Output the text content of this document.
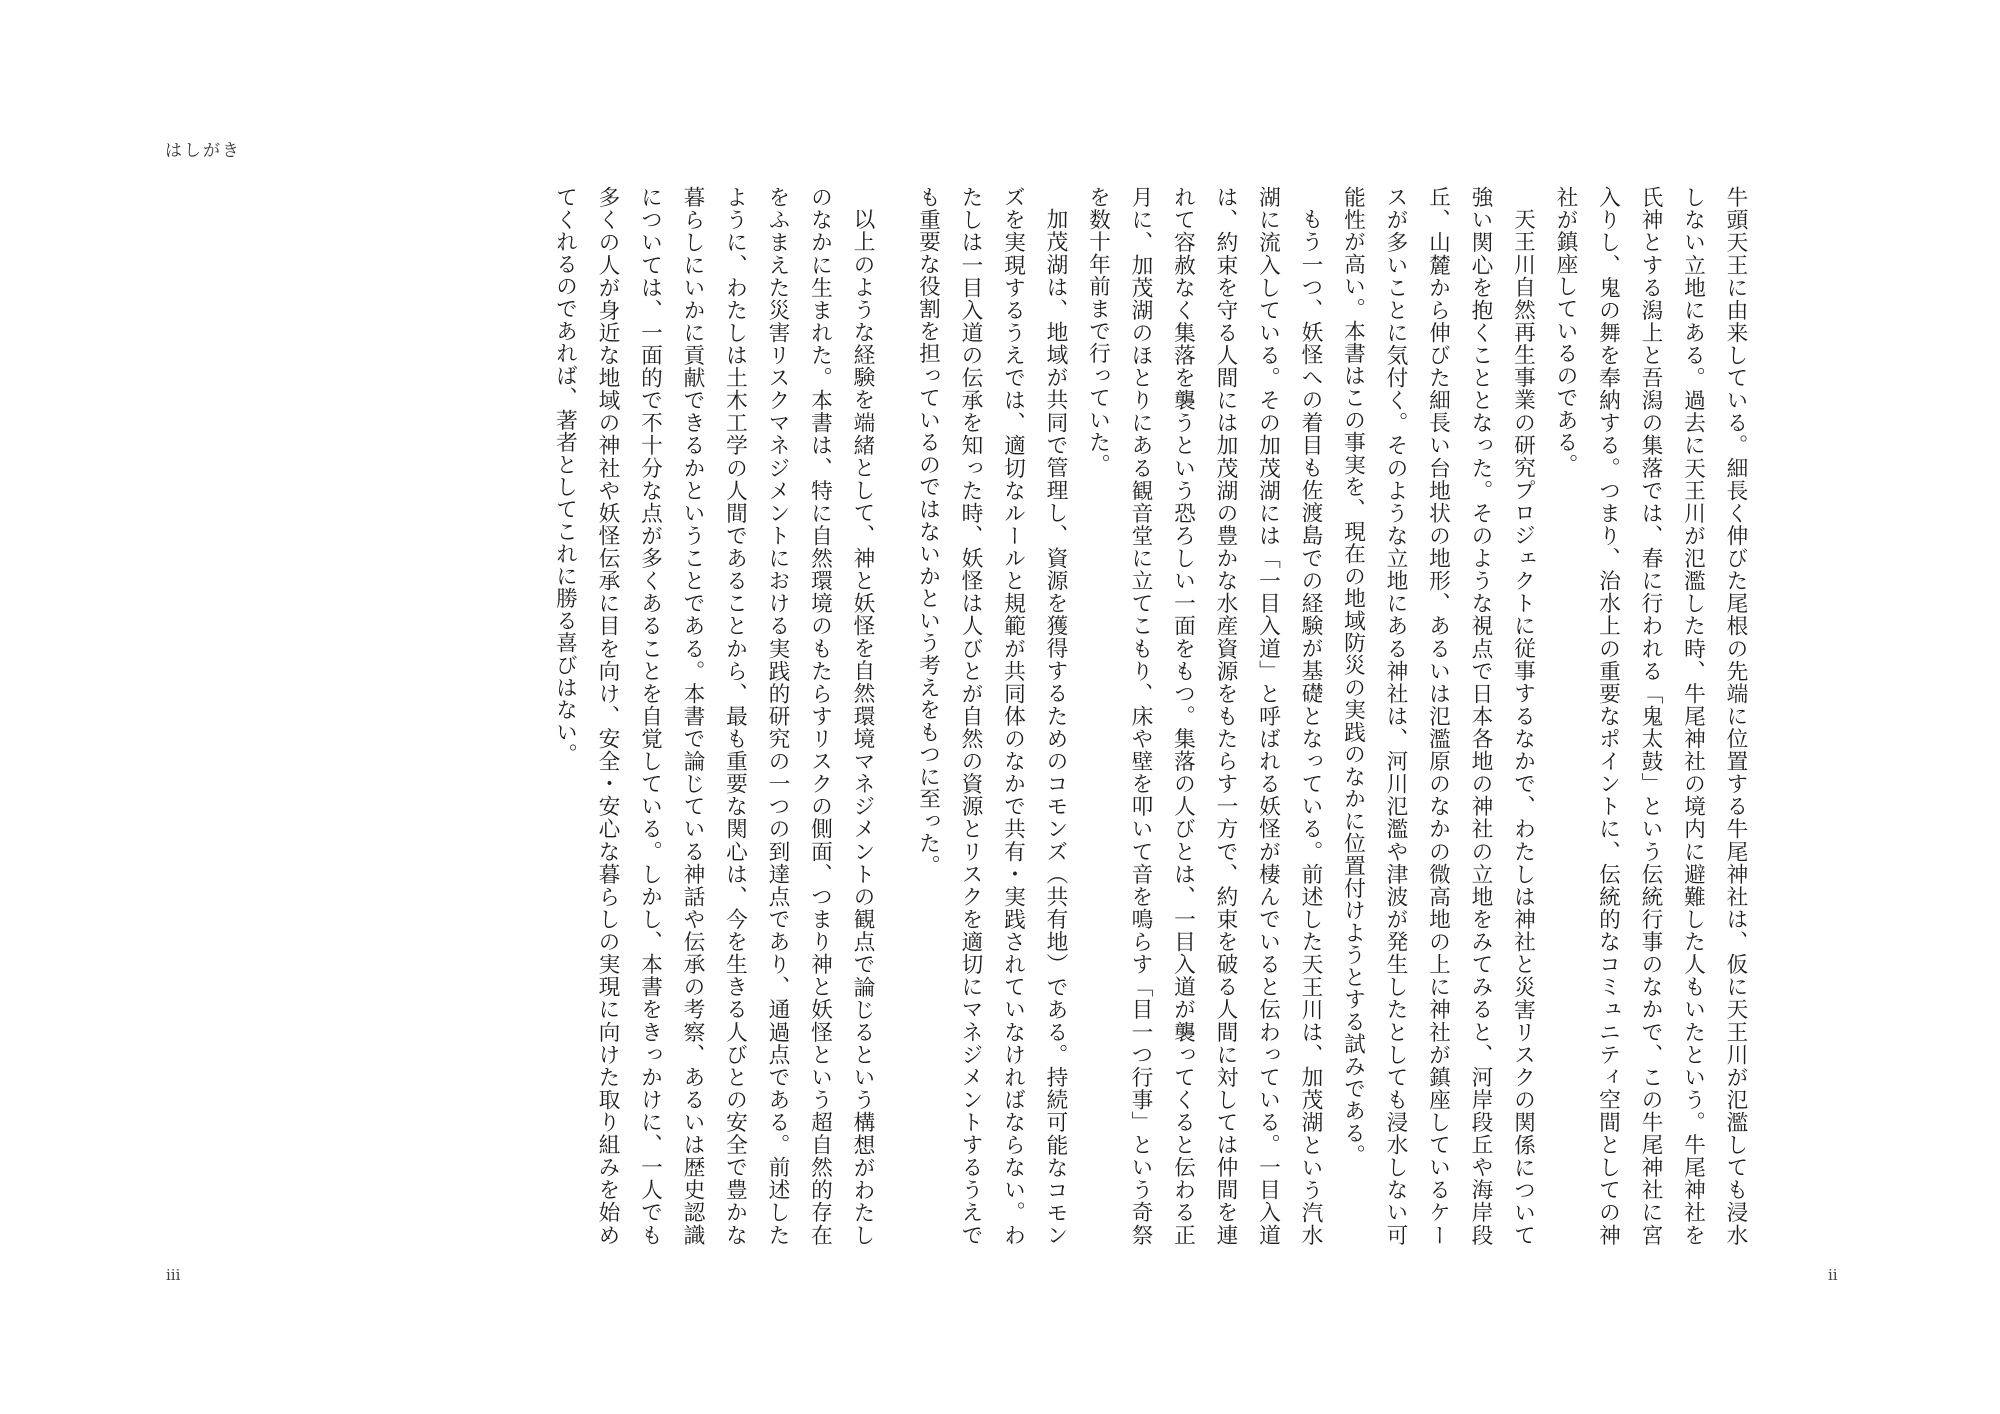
はしがき

牛頭天王に由来している。細長く伸びた尾根の先端に位置する牛尾神社は、仮に天王川が氾濫しても浸水しない立地にある。過去に天王川が氾濫した時、牛尾神社の境内に避難した人もいたという。牛尾神社を氏神とする潟上と吾潟の集落では、春に行われる「鬼太鼓」という伝統行事のなかで、この牛尾神社に宮入りし、鬼の舞を奉納する。つまり、治水上の重要なポイントに、伝統的なコミュニティ空間としての神社が鎮座しているのである。

天王川自然再生事業の研究プロジェクトに従事するなかで、わたしは神社と災害リスクの関係について強い関心を抱くこととなった。そのような視点で日本各地の神社の立地をみてみると、河岸段丘や海岸段丘、山麓から伸びた細長い台地状の地形、あるいは氾濫原のなかの微高地の上に神社が鎮座しているケースが多いことに気付く。そのような立地にある神社は、河川氾濫や津波が発生したとしても浸水しない可能性が高い。本書はこの事実を、現在の地域防災の実践のなかに位置付けようとする試みである。

もう一つ、妖怪への着目も佐渡島での経験が基礎となっている。前述した天王川は、加茂湖という汽水湖に流入している。その加茂湖には「一目入道」と呼ばれる妖怪が棲んでいると伝わっている。一目入道は、約束を守る人間には加茂湖の豊かな水産資源をもたらす一方で、約束を破る人間に対しては仲間を連れて容赦なく集落を襲うという恐ろしい一面をもつ。集落の人びとは、一目入道が襲ってくると伝わる正月に、加茂湖のほとりにある観音堂に立てこもり、床や壁を叩いて音を鳴らす「目一つ行事」という奇祭を数十年前まで行っていた。

加茂湖は、地域が共同で管理し、資源を獲得するためのコモンズ（共有地）である。持続可能なコモンズを実現するうえでは、適切なルールと規範が共同体のなかで共有・実践されていなければならない。わたしは一目入道の伝承を知った時、妖怪は人びとが自然の資源とリスクを適切にマネジメントするうえでも重要な役割を担っているのではないかという考えをもつに至った。

以上のような経験を端緒として、神と妖怪を自然環境マネジメントの観点で論じるという構想がわたしのなかに生まれた。本書は、特に自然環境のもたらすリスクの側面、つまり神と妖怪という超自然的存在をふまえた災害リスクマネジメントにおける実践的研究の一つの到達点であり、通過点である。前述したように、わたしは土木工学の人間であることから、最も重要な関心は、今を生きる人びとの安全で豊かな暮らしにいかに貢献できるかということである。本書で論じている神話や伝承の考察、あるいは歴史認識については、一面的で不十分な点が多くあることを自覚している。しかし、本書をきっかけに、一人でも多くの人が身近な地域の神社や妖怪伝承に目を向け、安全・安心な暮らしの実現に向けた取り組みを始めてくれるのであれば、著者としてこれに勝る喜びはない。

iii	ii
